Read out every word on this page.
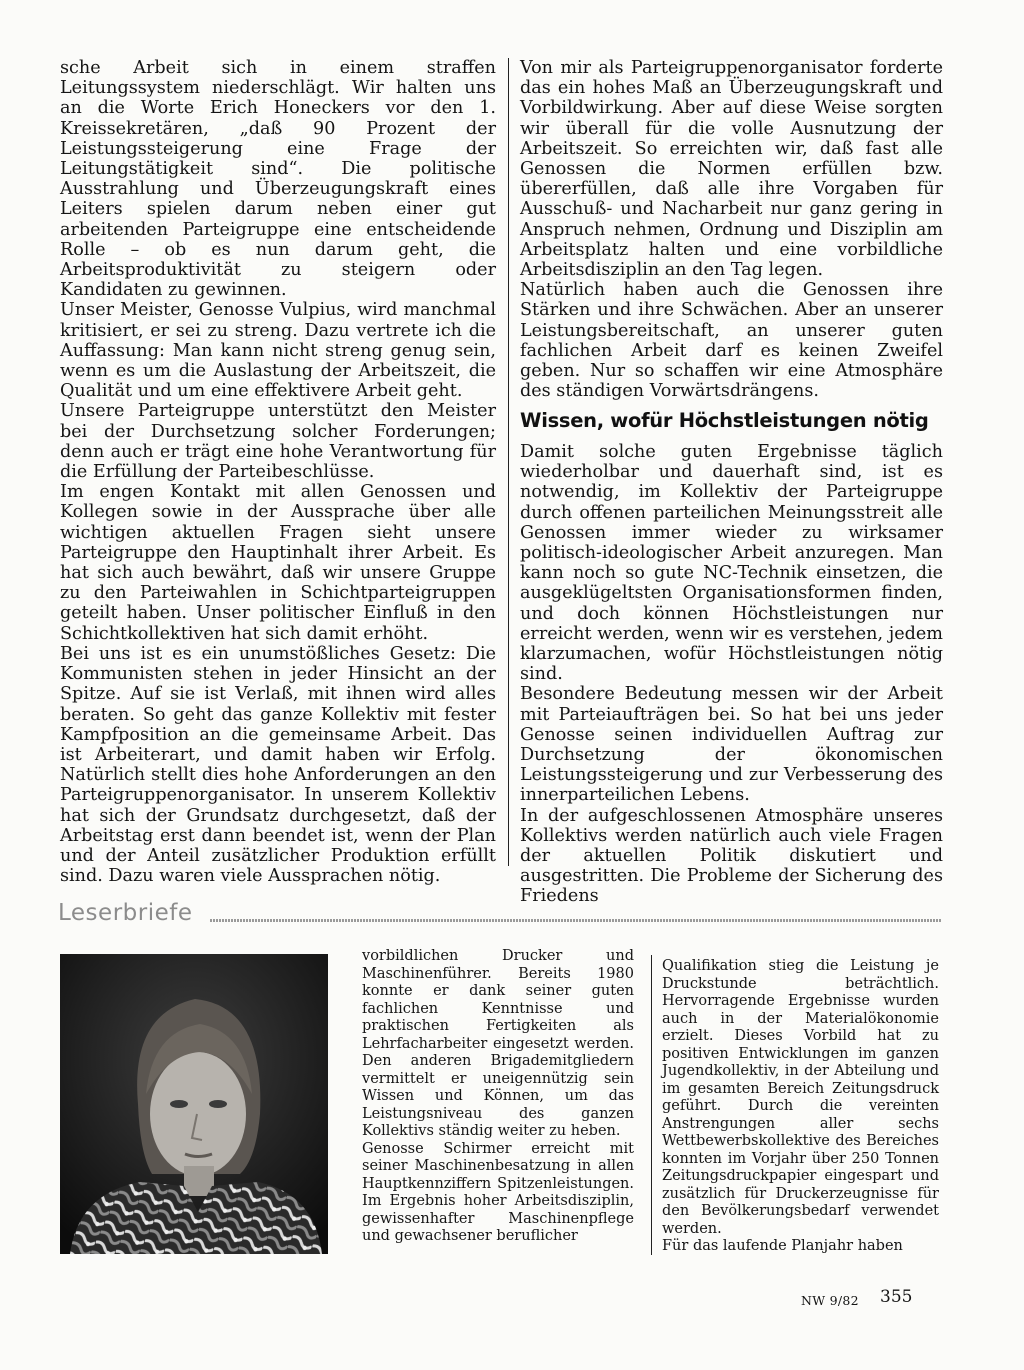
sche Arbeit sich in einem straffen Leitungssystem niederschlägt. Wir halten uns an die Worte Erich Honeckers vor den 1. Kreissekretären, „daß 90 Prozent der Leistungssteigerung eine Frage der Leitungstätigkeit sind“. Die politische Ausstrahlung und Überzeugungskraft eines Leiters spielen darum neben einer gut arbeitenden Parteigruppe eine entscheidende Rolle – ob es nun darum geht, die Arbeitsproduktivität zu steigern oder Kandidaten zu gewinnen.

Unser Meister, Genosse Vulpius, wird manchmal kritisiert, er sei zu streng. Dazu vertrete ich die Auffassung: Man kann nicht streng genug sein, wenn es um die Auslastung der Arbeitszeit, die Qualität und um eine effektivere Arbeit geht.

Unsere Parteigruppe unterstützt den Meister bei der Durchsetzung solcher Forderungen; denn auch er trägt eine hohe Verantwortung für die Erfüllung der Parteibeschlüsse.

Im engen Kontakt mit allen Genossen und Kollegen sowie in der Aussprache über alle wichtigen aktuellen Fragen sieht unsere Parteigruppe den Hauptinhalt ihrer Arbeit. Es hat sich auch bewährt, daß wir unsere Gruppe zu den Parteiwahlen in Schichtparteigruppen geteilt haben. Unser politischer Einfluß in den Schichtkollektiven hat sich damit erhöht.

Bei uns ist es ein unumstößliches Gesetz: Die Kommunisten stehen in jeder Hinsicht an der Spitze. Auf sie ist Verlaß, mit ihnen wird alles beraten. So geht das ganze Kollektiv mit fester Kampfposition an die gemeinsame Arbeit. Das ist Arbeiterart, und damit haben wir Erfolg. Natürlich stellt dies hohe Anforderungen an den Parteigruppenorganisator. In unserem Kollektiv hat sich der Grundsatz durchgesetzt, daß der Arbeitstag erst dann beendet ist, wenn der Plan und der Anteil zusätzlicher Produktion erfüllt sind. Dazu waren viele Aussprachen nötig.

Von mir als Parteigruppenorganisator forderte das ein hohes Maß an Überzeugungskraft und Vorbildwirkung. Aber auf diese Weise sorgten wir überall für die volle Ausnutzung der Arbeitszeit. So erreichten wir, daß fast alle Genossen die Normen erfüllen bzw. übererfüllen, daß alle ihre Vorgaben für Ausschuß- und Nacharbeit nur ganz gering in Anspruch nehmen, Ordnung und Disziplin am Arbeitsplatz halten und eine vorbildliche Arbeitsdisziplin an den Tag legen.

Natürlich haben auch die Genossen ihre Stärken und ihre Schwächen. Aber an unserer Leistungsbereitschaft, an unserer guten fachlichen Arbeit darf es keinen Zweifel geben. Nur so schaffen wir eine Atmosphäre des ständigen Vorwärtsdrängens.

Wissen, wofür Höchstleistungen nötig

Damit solche guten Ergebnisse täglich wiederholbar und dauerhaft sind, ist es notwendig, im Kollektiv der Parteigruppe durch offenen parteilichen Meinungsstreit alle Genossen immer wieder zu wirksamer politisch-ideologischer Arbeit anzuregen. Man kann noch so gute NC-Technik einsetzen, die ausgeklügeltsten Organisationsformen finden, und doch können Höchstleistungen nur erreicht werden, wenn wir es verstehen, jedem klarzumachen, wofür Höchstleistungen nötig sind.

Besondere Bedeutung messen wir der Arbeit mit Parteiaufträgen bei. So hat bei uns jeder Genosse seinen individuellen Auftrag zur Durchsetzung der ökonomischen Leistungssteigerung und zur Verbesserung des innerparteilichen Lebens.

In der aufgeschlossenen Atmosphäre unseres Kollektivs werden natürlich auch viele Fragen der aktuellen Politik diskutiert und ausgestritten. Die Probleme der Sicherung des Friedens

Leserbriefe

vorbildlichen Drucker und Maschinenführer. Bereits 1980 konnte er dank seiner guten fachlichen Kenntnisse und praktischen Fertigkeiten als Lehrfacharbeiter eingesetzt werden. Den anderen Brigademitgliedern vermittelt er uneigennützig sein Wissen und Können, um das Leistungsniveau des ganzen Kollektivs ständig weiter zu heben.

Genosse Schirmer erreicht mit seiner Maschinenbesatzung in allen Hauptkennziffern Spitzenleistungen. Im Ergebnis hoher Arbeitsdisziplin, gewissenhafter Maschinenpflege und gewachsener beruflicher

Qualifikation stieg die Leistung je Druckstunde beträchtlich. Hervorragende Ergebnisse wurden auch in der Materialökonomie erzielt. Dieses Vorbild hat zu positiven Entwicklungen im ganzen Jugendkollektiv, in der Abteilung und im gesamten Bereich Zeitungsdruck geführt. Durch die vereinten Anstrengungen aller sechs Wettbewerbskollektive des Bereiches konnten im Vorjahr über 250 Tonnen Zeitungsdruckpapier eingespart und zusätzlich für Druckerzeugnisse für den Bevölkerungsbedarf verwendet werden.

Für das laufende Planjahr haben

NW 9/82 355
